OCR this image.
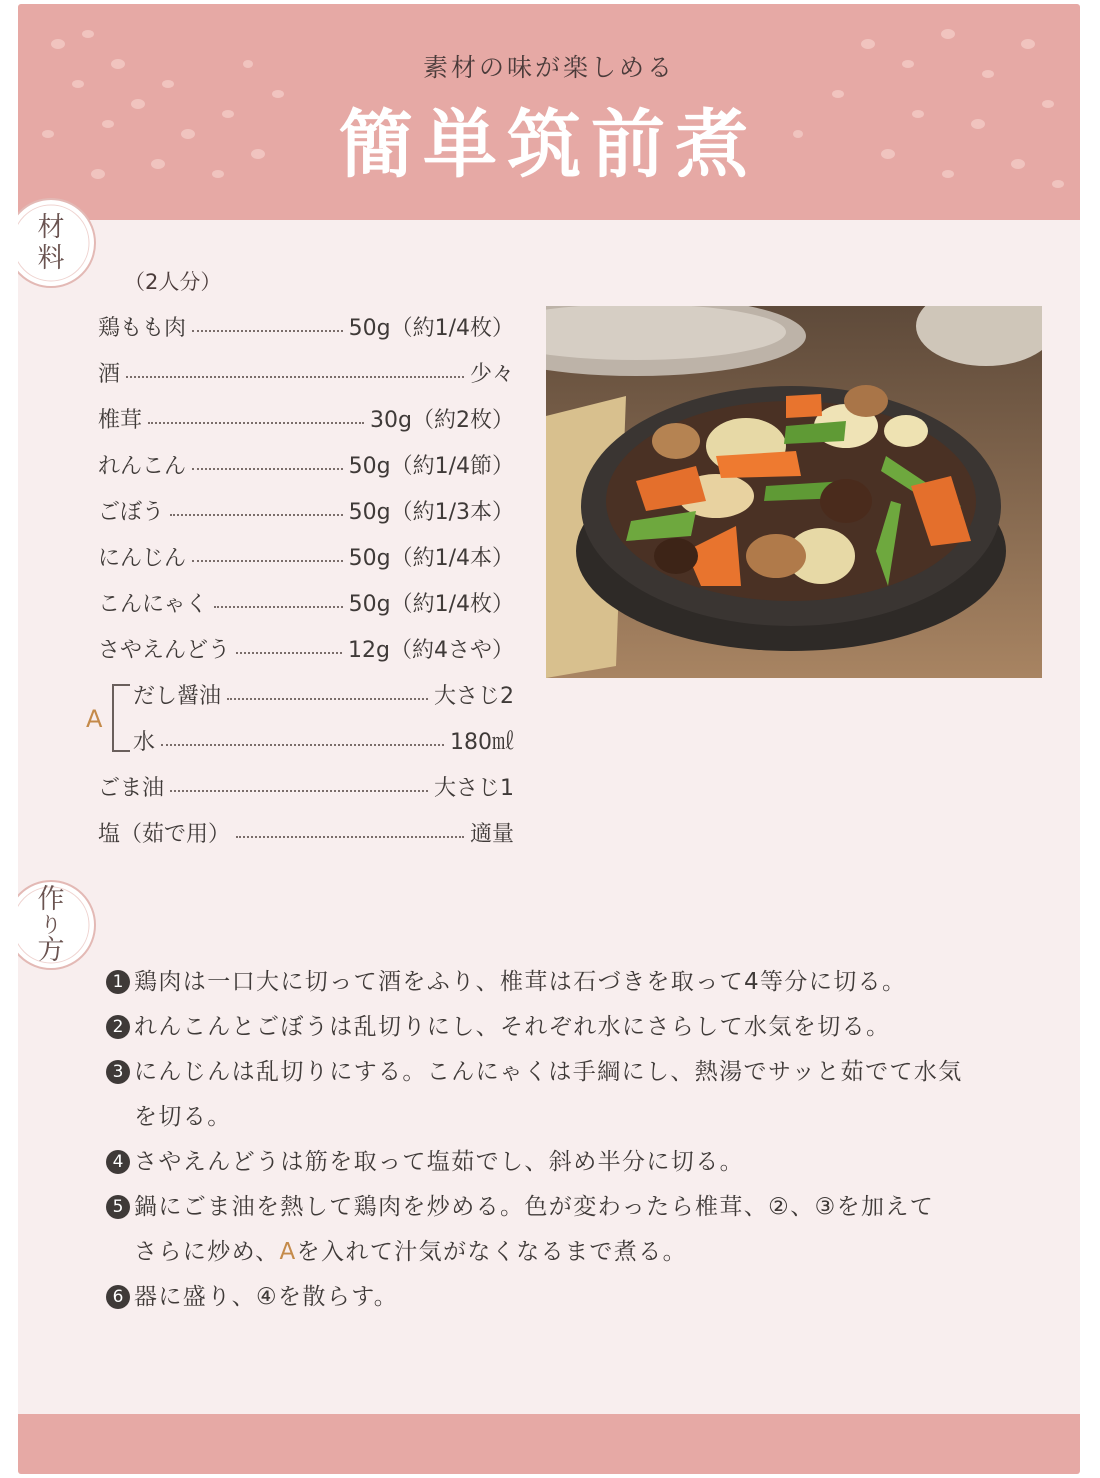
素材の味が楽しめる
簡単筑前煮
材
料
（2人分）
鶏もも肉	50g（約1/4枚）
酒	少々
椎茸	30g（約2枚）
れんこん	50g（約1/4節）
ごぼう	50g（約1/3本）
にんじん	50g（約1/4本）
こんにゃく	50g（約1/4枚）
さやえんどう	12g（約4さや）
A
だし醤油	大さじ2
水	180㎖
ごま油	大さじ1
塩（茹で用）	適量
作
り
方
1 鶏肉は一口大に切って酒をふり、椎茸は石づきを取って4等分に切る。
2 れんこんとごぼうは乱切りにし、それぞれ水にさらして水気を切る。
3 にんじんは乱切りにする。こんにゃくは手綱にし、熱湯でサッと茹でて水気
を切る。
4 さやえんどうは筋を取って塩茹でし、斜め半分に切る。
5 鍋にごま油を熱して鶏肉を炒める。色が変わったら椎茸、②、③を加えて
さらに炒め、Aを入れて汁気がなくなるまで煮る。
6 器に盛り、④を散らす。
